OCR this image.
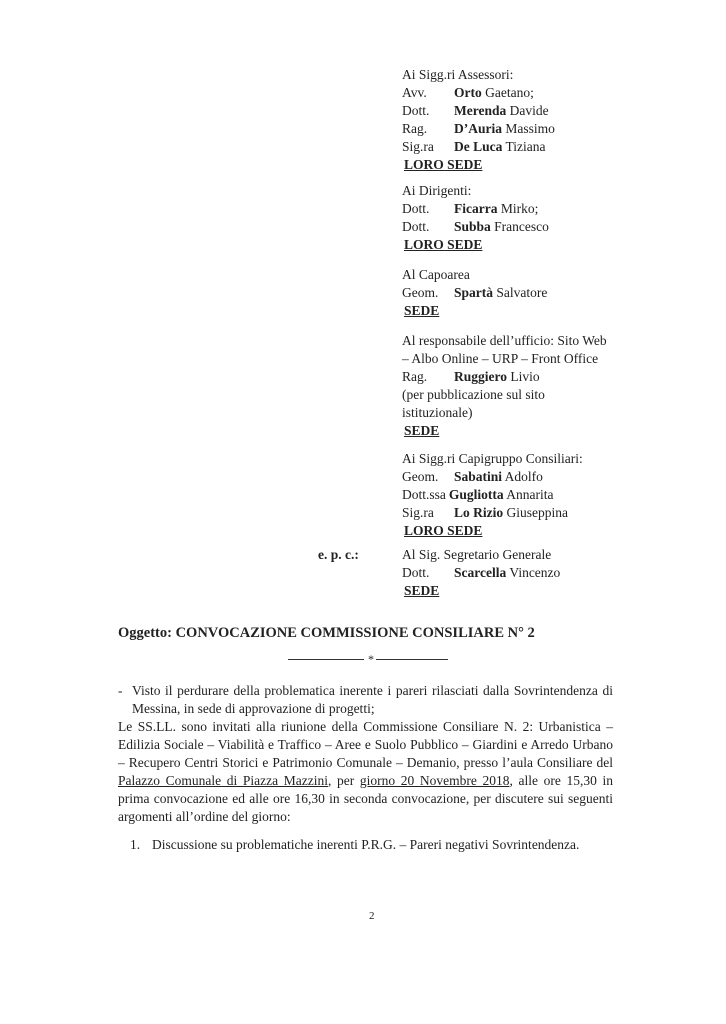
Ai Sigg.ri Assessori:
Avv. Orto Gaetano;
Dott. Merenda Davide
Rag. D’Auria Massimo
Sig.ra De Luca Tiziana
LORO SEDE
Ai Dirigenti:
Dott. Ficarra Mirko;
Dott. Subba Francesco
LORO SEDE
Al Capoarea
Geom. Spartà Salvatore
SEDE
Al responsabile dell’ufficio: Sito Web
– Albo Online – URP – Front Office
Rag. Ruggiero Livio
(per pubblicazione sul sito
istituzionale)
SEDE
Ai Sigg.ri Capigruppo Consiliari:
Geom. Sabatini Adolfo
Dott.ssa Gugliotta Annarita
Sig.ra Lo Rizio Giuseppina
LORO SEDE
e. p. c.:	Al Sig. Segretario Generale
Dott. Scarcella Vincenzo
SEDE
Oggetto: CONVOCAZIONE COMMISSIONE CONSILIARE N° 2
*

- Visto il perdurare della problematica inerente i pareri rilasciati dalla Sovrintendenza di Messina, in sede di approvazione di progetti;

Le SS.LL. sono invitati alla riunione della Commissione Consiliare N. 2: Urbanistica – Edilizia Sociale – Viabilità e Traffico – Aree e Suolo Pubblico – Giardini e Arredo Urbano – Recupero Centri Storici e Patrimonio Comunale – Demanio, presso l’aula Consiliare del Palazzo Comunale di Piazza Mazzini, per giorno 20 Novembre 2018, alle ore 15,30 in prima convocazione ed alle ore 16,30 in seconda convocazione, per discutere sui seguenti argomenti all’ordine del giorno:

1. Discussione su problematiche inerenti P.R.G. – Pareri negativi Sovrintendenza.
2
